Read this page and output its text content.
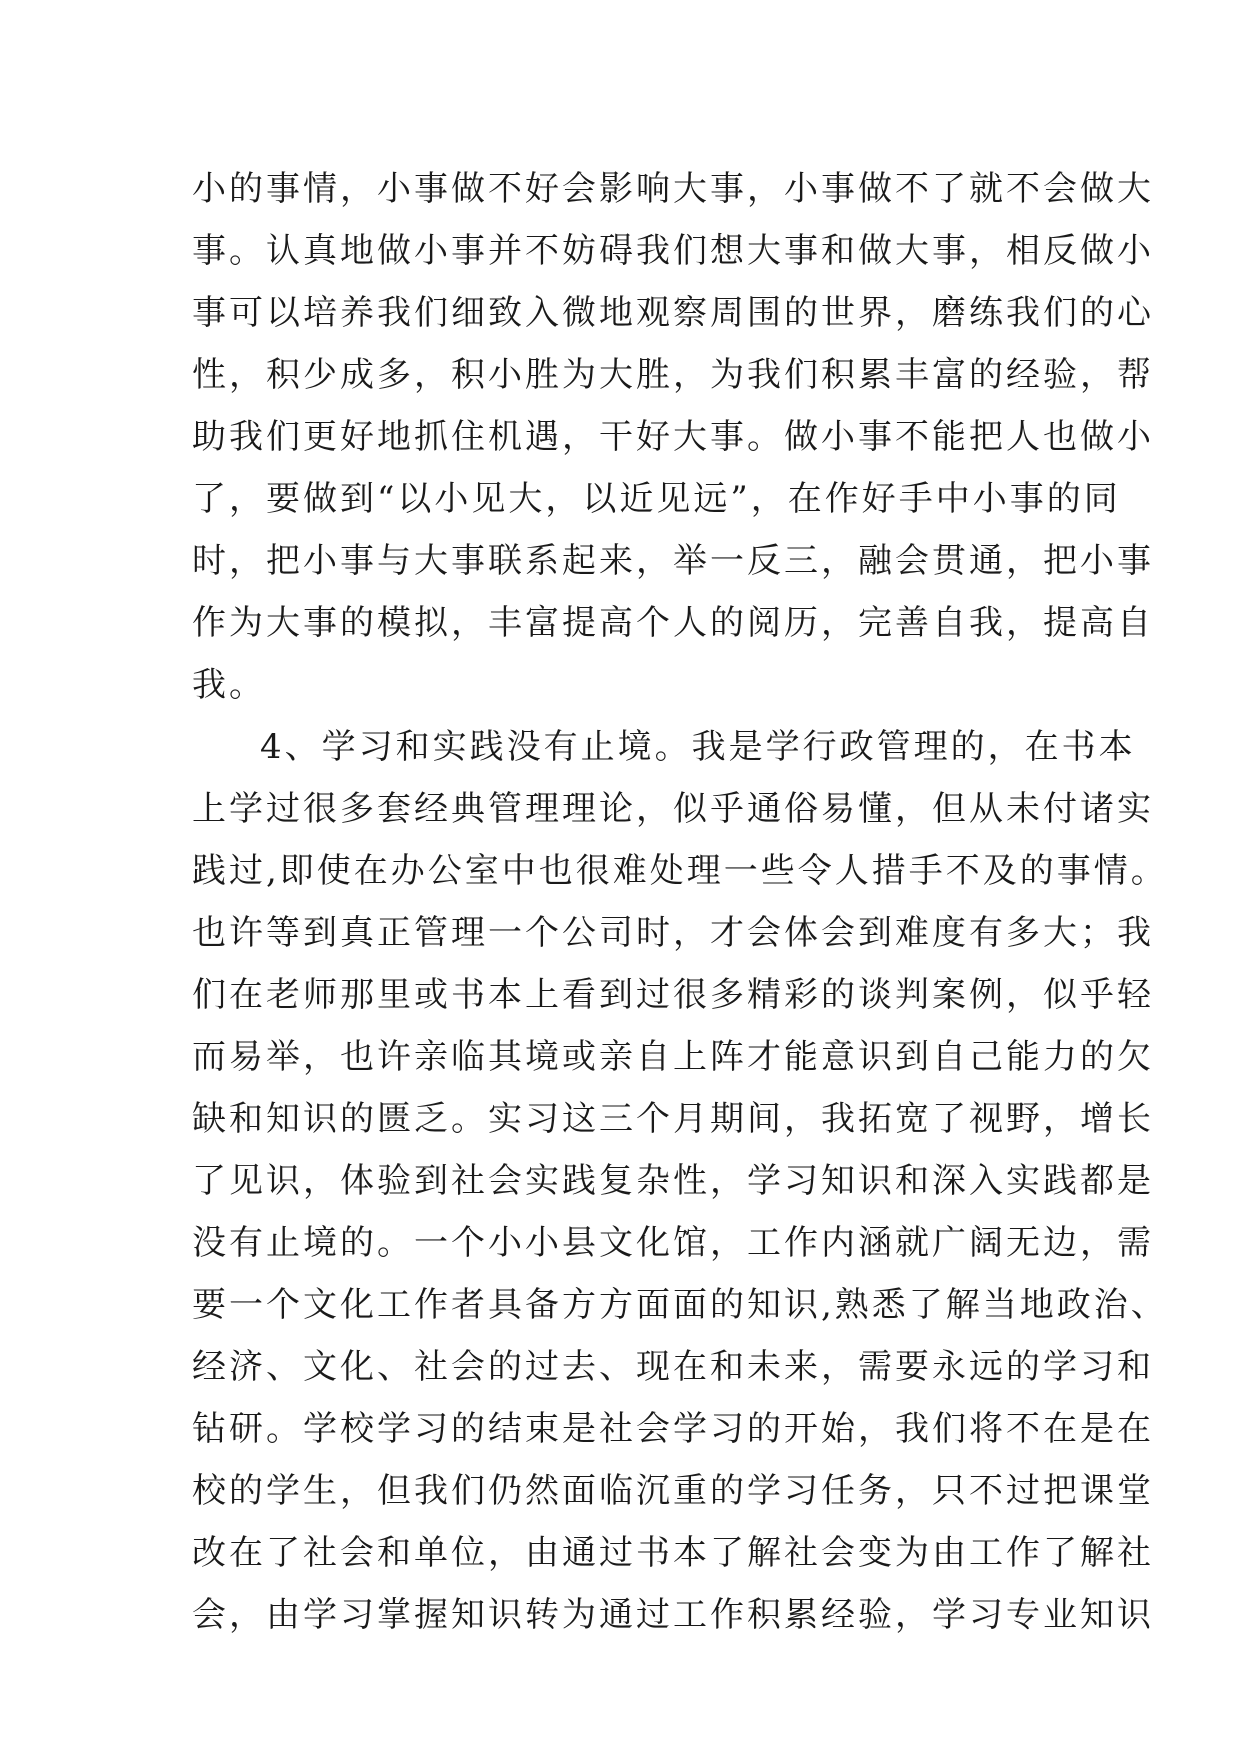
小的事情，小事做不好会影响大事，小事做不了就不会做大
事。认真地做小事并不妨碍我们想大事和做大事，相反做小
事可以培养我们细致入微地观察周围的世界，磨练我们的心
性，积少成多，积小胜为大胜，为我们积累丰富的经验，帮
助我们更好地抓住机遇，干好大事。做小事不能把人也做小
了，要做到“以小见大，以近见远”，在作好手中小事的同
时，把小事与大事联系起来，举一反三，融会贯通，把小事
作为大事的模拟，丰富提高个人的阅历，完善自我，提高自
我。
4、学习和实践没有止境。我是学行政管理的，在书本
上学过很多套经典管理理论，似乎通俗易懂，但从未付诸实
践过,即使在办公室中也很难处理一些令人措手不及的事情。
也许等到真正管理一个公司时，才会体会到难度有多大；我
们在老师那里或书本上看到过很多精彩的谈判案例，似乎轻
而易举，也许亲临其境或亲自上阵才能意识到自己能力的欠
缺和知识的匮乏。实习这三个月期间，我拓宽了视野，增长
了见识，体验到社会实践复杂性，学习知识和深入实践都是
没有止境的。一个小小县文化馆，工作内涵就广阔无边，需
要一个文化工作者具备方方面面的知识,熟悉了解当地政治、
经济、文化、社会的过去、现在和未来，需要永远的学习和
钻研。学校学习的结束是社会学习的开始，我们将不在是在
校的学生，但我们仍然面临沉重的学习任务，只不过把课堂
改在了社会和单位，由通过书本了解社会变为由工作了解社
会，由学习掌握知识转为通过工作积累经验，学习专业知识
